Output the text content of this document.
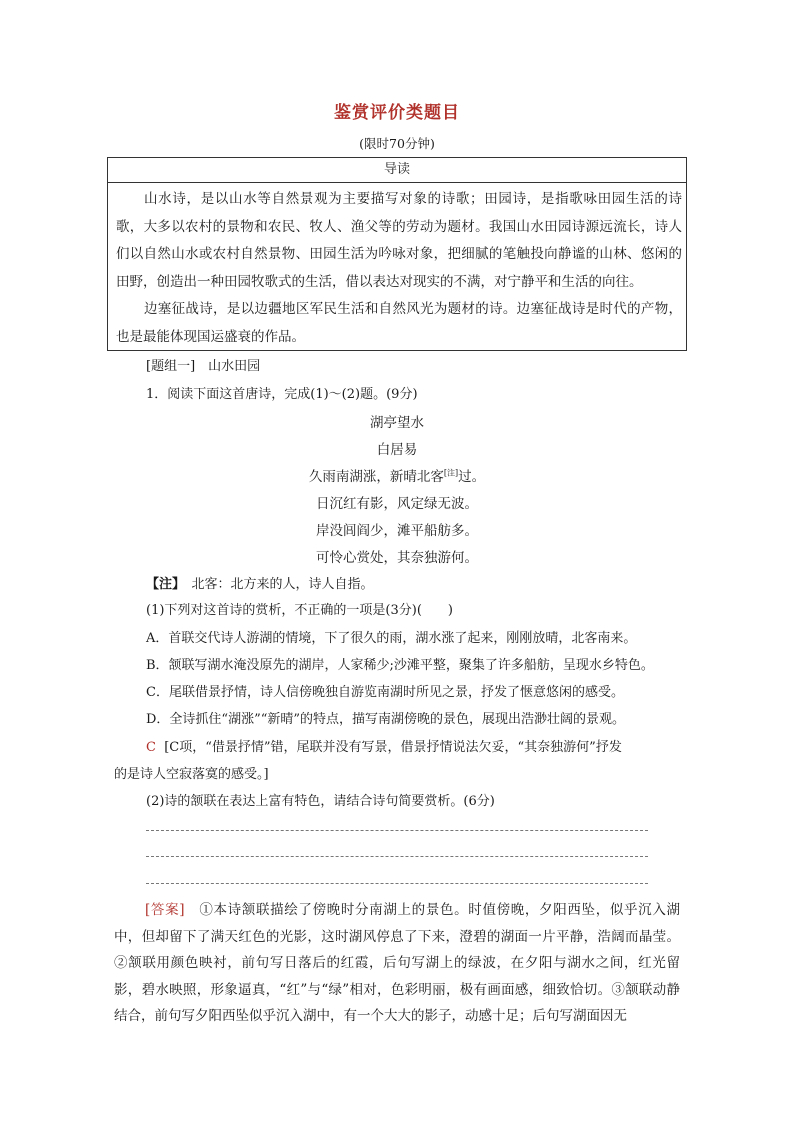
鉴赏评价类题目
(限时70分钟)
导读

山水诗，是以山水等自然景观为主要描写对象的诗歌；田园诗，是指歌咏田园生活的诗歌，大多以农村的景物和农民、牧人、渔父等的劳动为题材。我国山水田园诗源远流长，诗人们以自然山水或农村自然景物、田园生活为吟咏对象，把细腻的笔触投向静谧的山林、悠闲的田野，创造出一种田园牧歌式的生活，借以表达对现实的不满，对宁静平和生活的向往。

边塞征战诗，是以边疆地区军民生活和自然风光为题材的诗。边塞征战诗是时代的产物，也是最能体现国运盛衰的作品。

[题组一]　山水田园
1．阅读下面这首唐诗，完成(1)～(2)题。(9分)
湖亭望水
白居易
久雨南湖涨，新晴北客[注]过。
日沉红有影，风定绿无波。
岸没闾阎少，滩平船舫多。
可怜心赏处，其奈独游何。
【注】　北客：北方来的人，诗人自指。
(1)下列对这首诗的赏析，不正确的一项是(3分)(　　)
A．首联交代诗人游湖的情境，下了很久的雨，湖水涨了起来，刚刚放晴，北客南来。
B．颔联写湖水淹没原先的湖岸，人家稀少;沙滩平整，聚集了许多船舫，呈现水乡特色。
C．尾联借景抒情，诗人信傍晚独自游览南湖时所见之景，抒发了惬意悠闲的感受。
D．全诗抓住“湖涨”“新晴”的特点，描写南湖傍晚的景色，展现出浩渺壮阔的景观。
C [C项，“借景抒情”错，尾联并没有写景，借景抒情说法欠妥，“其奈独游何”抒发
的是诗人空寂落寞的感受。]
(2)诗的颔联在表达上富有特色，请结合诗句简要赏析。(6分)

[答案]　①本诗颔联描绘了傍晚时分南湖上的景色。时值傍晚，夕阳西坠，似乎沉入湖中，但却留下了满天红色的光影，这时湖风停息了下来，澄碧的湖面一片平静，浩阔而晶莹。②颔联用颜色映衬，前句写日落后的红霞，后句写湖上的绿波，在夕阳与湖水之间，红光留影，碧水映照，形象逼真，“红”与“绿”相对，色彩明丽，极有画面感，细致恰切。③颔联动静结合，前句写夕阳西坠似乎沉入湖中，有一个大大的影子，动感十足；后句写湖面因无
